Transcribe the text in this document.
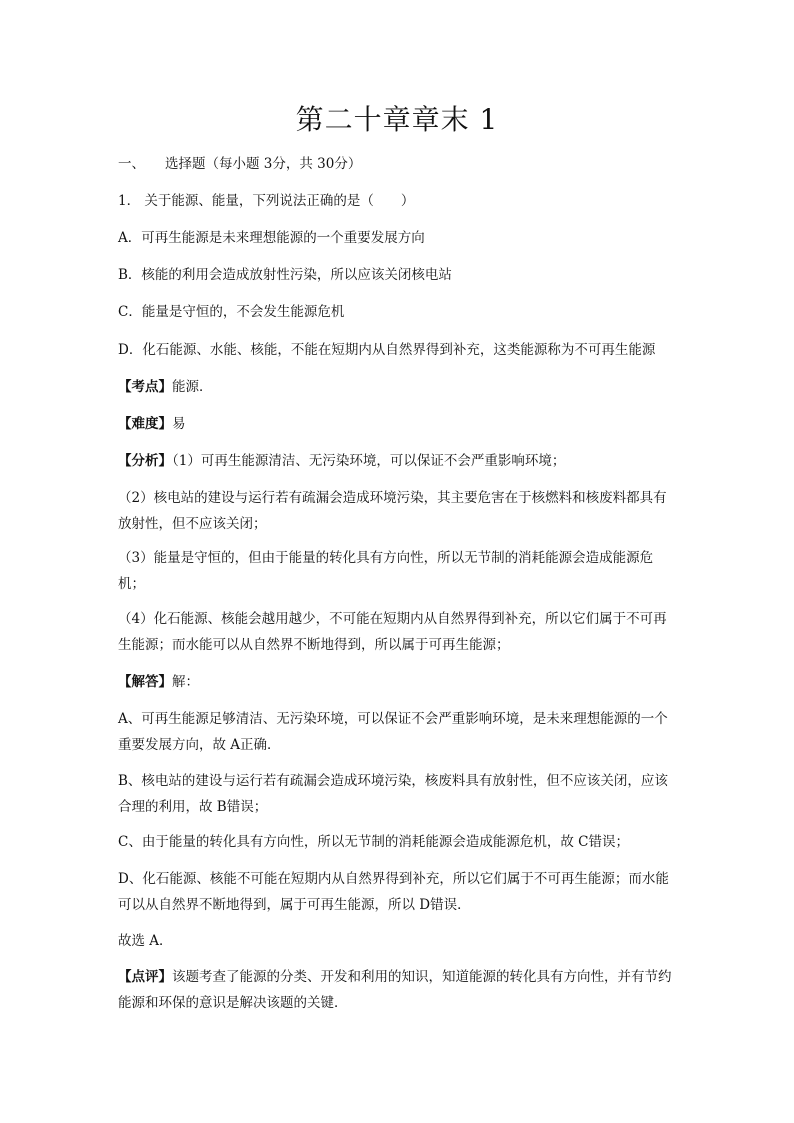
第二十章章末 1
一、 选择题（每小题 3分，共 30分）
1． 关于能源、能量，下列说法正确的是（　　）
A．可再生能源是未来理想能源的一个重要发展方向
B．核能的利用会造成放射性污染，所以应该关闭核电站
C．能量是守恒的，不会发生能源危机
D．化石能源、水能、核能，不能在短期内从自然界得到补充，这类能源称为不可再生能源
【考点】能源．
【难度】易
【分析】（1）可再生能源清洁、无污染环境，可以保证不会严重影响环境；
（2）核电站的建设与运行若有疏漏会造成环境污染，其主要危害在于核燃料和核废料都具有放射性，但不应该关闭；
（3）能量是守恒的，但由于能量的转化具有方向性，所以无节制的消耗能源会造成能源危机；
（4）化石能源、核能会越用越少，不可能在短期内从自然界得到补充，所以它们属于不可再生能源；而水能可以从自然界不断地得到，所以属于可再生能源；
【解答】解：
A、可再生能源足够清洁、无污染环境，可以保证不会严重影响环境，是未来理想能源的一个重要发展方向，故 A正确．
B、核电站的建设与运行若有疏漏会造成环境污染，核废料具有放射性，但不应该关闭，应该合理的利用，故 B错误；
C、由于能量的转化具有方向性，所以无节制的消耗能源会造成能源危机，故 C错误；
D、化石能源、核能不可能在短期内从自然界得到补充，所以它们属于不可再生能源；而水能可以从自然界不断地得到，属于可再生能源，所以 D错误．
故选 A．
【点评】该题考查了能源的分类、开发和利用的知识，知道能源的转化具有方向性，并有节约能源和环保的意识是解决该题的关键．
